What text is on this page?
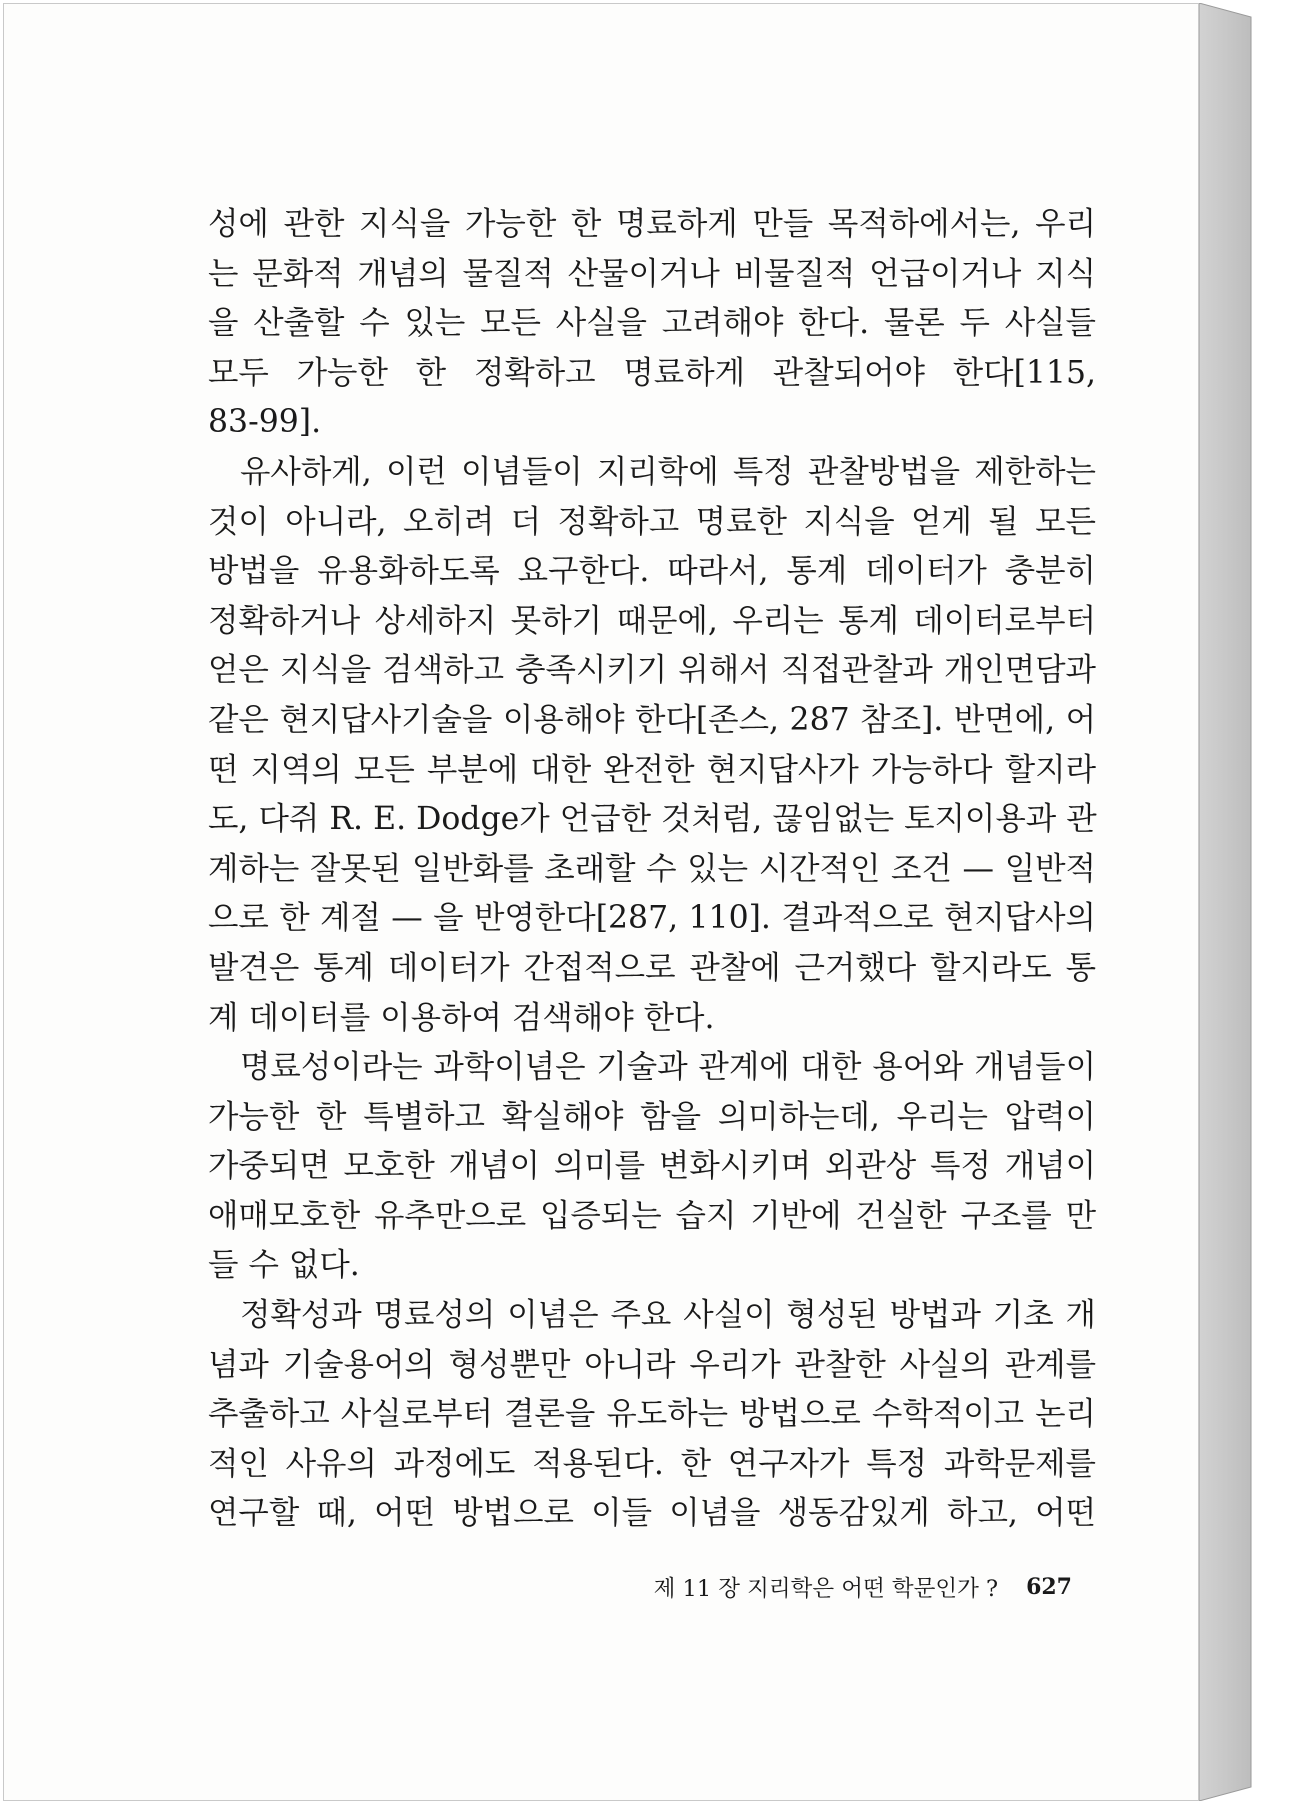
성에 관한 지식을 가능한 한 명료하게 만들 목적하에서는, 우리
는 문화적 개념의 물질적 산물이거나 비물질적 언급이거나 지식
을 산출할 수 있는 모든 사실을 고려해야 한다. 물론 두 사실들
모두 가능한 한 정확하고 명료하게 관찰되어야 한다[115,
83-99].
유사하게, 이런 이념들이 지리학에 특정 관찰방법을 제한하는
것이 아니라, 오히려 더 정확하고 명료한 지식을 얻게 될 모든
방법을 유용화하도록 요구한다. 따라서, 통계 데이터가 충분히
정확하거나 상세하지 못하기 때문에, 우리는 통계 데이터로부터
얻은 지식을 검색하고 충족시키기 위해서 직접관찰과 개인면담과
같은 현지답사기술을 이용해야 한다[존스, 287 참조]. 반면에, 어
떤 지역의 모든 부분에 대한 완전한 현지답사가 가능하다 할지라
도, 다쥐 R. E. Dodge가 언급한 것처럼, 끊임없는 토지이용과 관
계하는 잘못된 일반화를 초래할 수 있는 시간적인 조건 — 일반적
으로 한 계절 — 을 반영한다[287, 110]. 결과적으로 현지답사의
발견은 통계 데이터가 간접적으로 관찰에 근거했다 할지라도 통
계 데이터를 이용하여 검색해야 한다.
명료성이라는 과학이념은 기술과 관계에 대한 용어와 개념들이
가능한 한 특별하고 확실해야 함을 의미하는데, 우리는 압력이
가중되면 모호한 개념이 의미를 변화시키며 외관상 특정 개념이
애매모호한 유추만으로 입증되는 습지 기반에 건실한 구조를 만
들 수 없다.
정확성과 명료성의 이념은 주요 사실이 형성된 방법과 기초 개
념과 기술용어의 형성뿐만 아니라 우리가 관찰한 사실의 관계를
추출하고 사실로부터 결론을 유도하는 방법으로 수학적이고 논리
적인 사유의 과정에도 적용된다. 한 연구자가 특정 과학문제를
연구할 때, 어떤 방법으로 이들 이념을 생동감있게 하고, 어떤
제 11 장 지리학은 어떤 학문인가 ? 627
